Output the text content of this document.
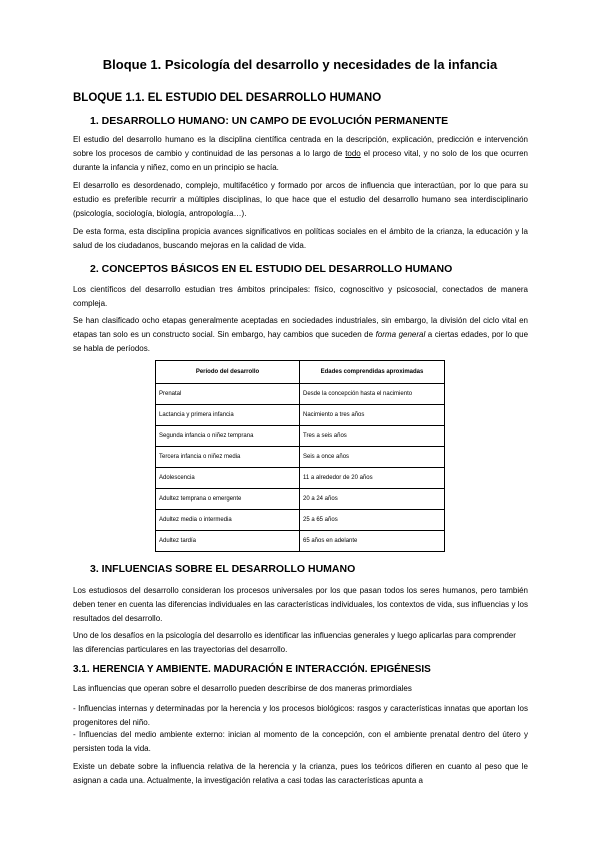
Bloque 1. Psicología del desarrollo y necesidades de la infancia
BLOQUE 1.1. EL ESTUDIO DEL DESARROLLO HUMANO
1. DESARROLLO HUMANO: UN CAMPO DE EVOLUCIÓN PERMANENTE
El estudio del desarrollo humano es la disciplina científica centrada en la descripción, explicación, predicción e intervención sobre los procesos de cambio y continuidad de las personas a lo largo de todo el proceso vital, y no solo de los que ocurren durante la infancia y niñez, como en un principio se hacía.
El desarrollo es desordenado, complejo, multifacético y formado por arcos de influencia que interactúan, por lo que para su estudio es preferible recurrir a múltiples disciplinas, lo que hace que el estudio del desarrollo humano sea interdisciplinario (psicología, sociología, biología, antropología…).
De esta forma, esta disciplina propicia avances significativos en políticas sociales en el ámbito de la crianza, la educación y la salud de los ciudadanos, buscando mejoras en la calidad de vida.
2. CONCEPTOS BÁSICOS EN EL ESTUDIO DEL DESARROLLO HUMANO
Los científicos del desarrollo estudian tres ámbitos principales: físico, cognoscitivo y psicosocial, conectados de manera compleja.
Se han clasificado ocho etapas generalmente aceptadas en sociedades industriales, sin embargo, la división del ciclo vital en etapas tan solo es un constructo social. Sin embargo, hay cambios que suceden de forma general a ciertas edades, por lo que se habla de períodos.
Período del desarrollo	Edades comprendidas aproximadas
Prenatal	Desde la concepción hasta el nacimiento
Lactancia y primera infancia	Nacimiento a tres años
Segunda infancia o niñez temprana	Tres a seis años
Tercera infancia o niñez media	Seis a once años
Adolescencia	11 a alrededor de 20 años
Adultez temprana o emergente	20 a 24 años
Adultez media o intermedia	25 a 65 años
Adultez tardía	65 años en adelante
3. INFLUENCIAS SOBRE EL DESARROLLO HUMANO
Los estudiosos del desarrollo consideran los procesos universales por los que pasan todos los seres humanos, pero también deben tener en cuenta las diferencias individuales en las características individuales, los contextos de vida, sus influencias y los resultados del desarrollo.
Uno de los desafíos en la psicología del desarrollo es identificar las influencias generales y luego aplicarlas para comprender las diferencias particulares en las trayectorias del desarrollo.
3.1. HERENCIA Y AMBIENTE. MADURACIÓN E INTERACCIÓN. EPIGÉNESIS
Las influencias que operan sobre el desarrollo pueden describirse de dos maneras primordiales
- Influencias internas y determinadas por la herencia y los procesos biológicos: rasgos y características innatas que aportan los progenitores del niño.
- Influencias del medio ambiente externo: inician al momento de la concepción, con el ambiente prenatal dentro del útero y persisten toda la vida.
Existe un debate sobre la influencia relativa de la herencia y la crianza, pues los teóricos difieren en cuanto al peso que le asignan a cada una. Actualmente, la investigación relativa a casi todas las características apunta a
